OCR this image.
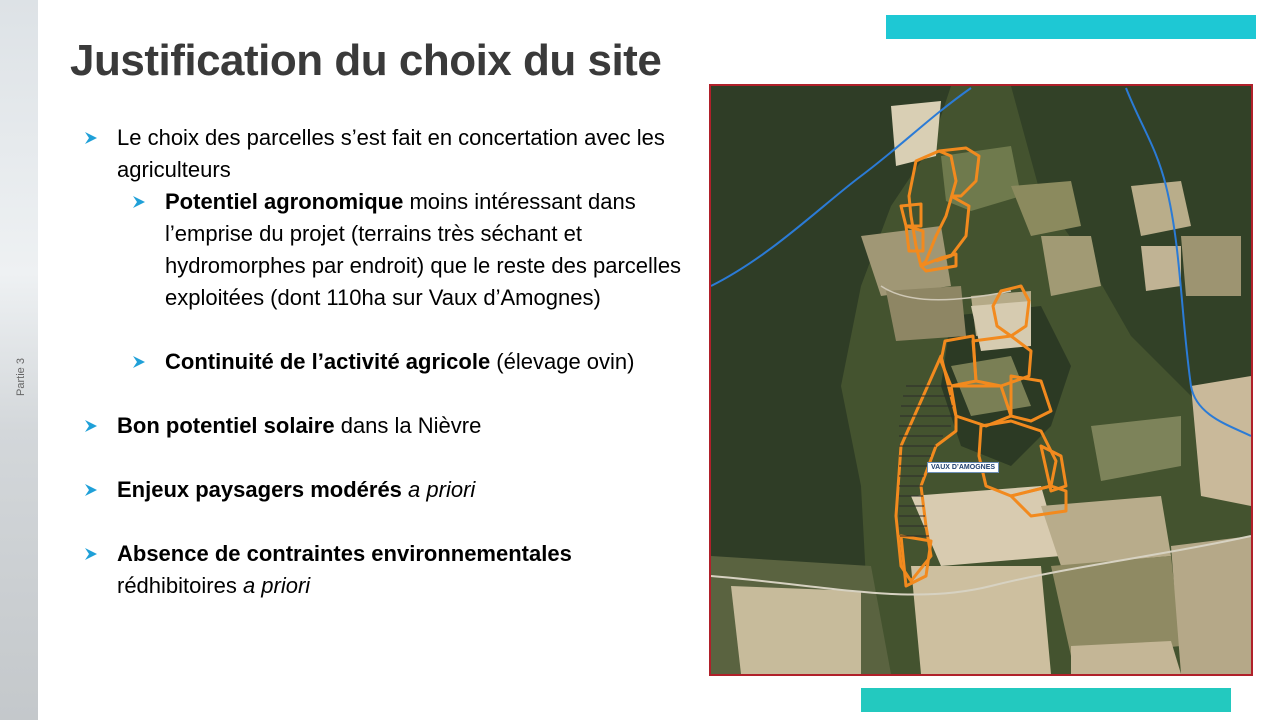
Partie 3
Justification du choix du site
Le choix des parcelles s’est fait en concertation avec les agriculteurs
Potentiel agronomique moins intéressant dans l’emprise du projet (terrains très séchant et hydromorphes par endroit) que le reste des parcelles exploitées (dont 110ha sur Vaux d’Amognes)
Continuité de l’activité agricole (élevage ovin)
Bon potentiel solaire dans la Nièvre
Enjeux paysagers modérés a priori
Absence de contraintes environnementales rédhibitoires a priori
VAUX D’AMOGNES
